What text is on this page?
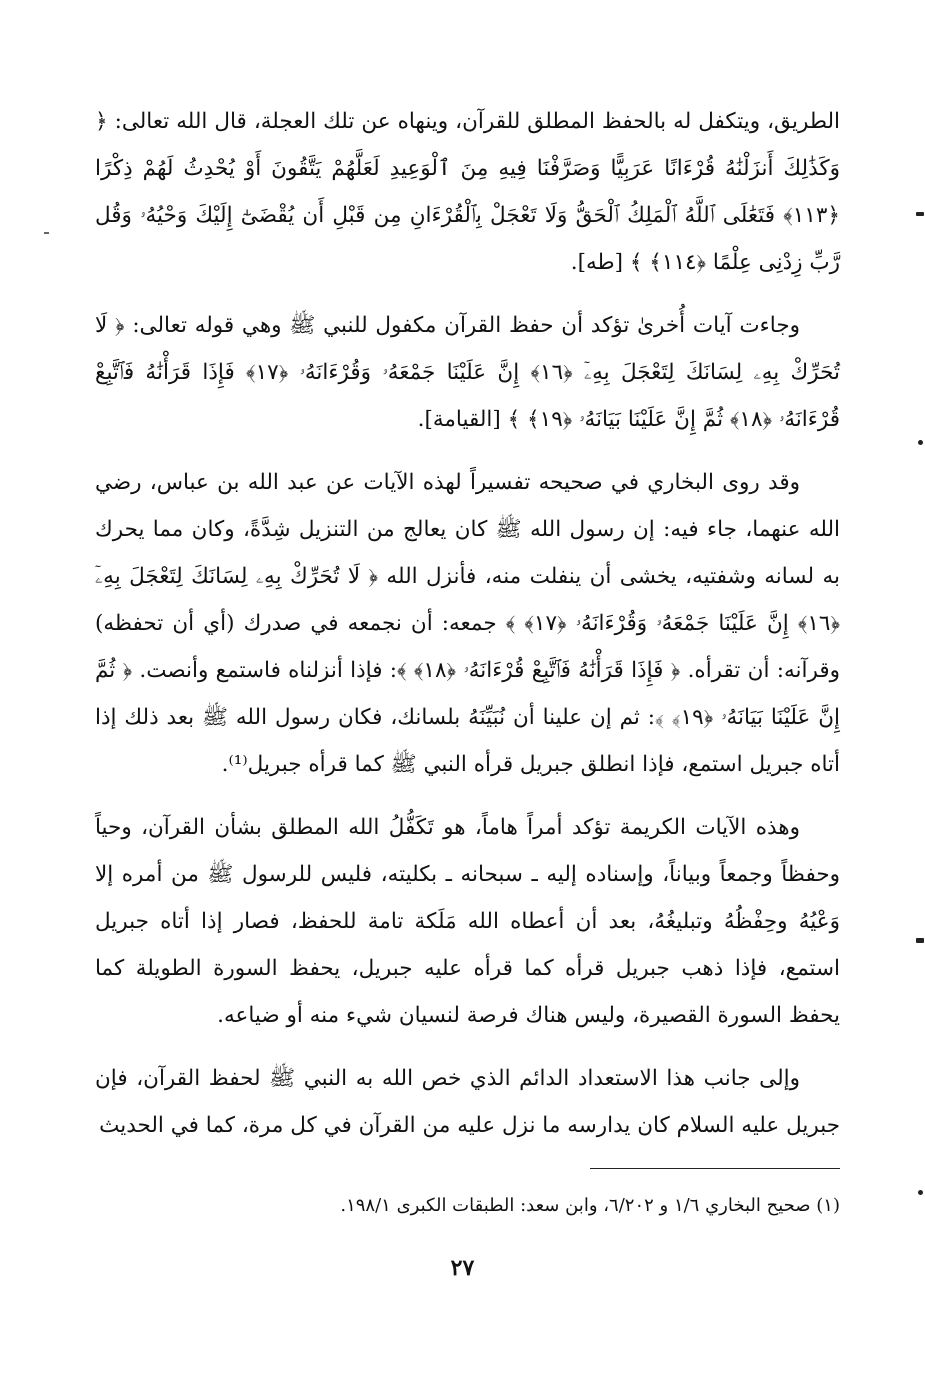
الطريق، ويتكفل له بالحفظ المطلق للقرآن، وينهاه عن تلك العجلة، قال الله تعالى: ﴿ وَكَذَٰلِكَ أَنزَلْنَٰهُ قُرْءَانًا عَرَبِيًّا وَصَرَّفْنَا فِيهِ مِنَ ٱلْوَعِيدِ لَعَلَّهُمْ يَتَّقُونَ أَوْ يُحْدِثُ لَهُمْ ذِكْرًا ﴿١١٣﴾ فَتَعَٰلَى ٱللَّهُ ٱلْمَلِكُ ٱلْحَقُّ وَلَا تَعْجَلْ بِٱلْقُرْءَانِ مِن قَبْلِ أَن يُقْضَىٰٓ إِلَيْكَ وَحْيُهُۥ وَقُل رَّبِّ زِدْنِى عِلْمًا ﴿١١٤﴾ ﴾ [طه].

وجاءت آيات أُخرىٰ تؤكد أن حفظ القرآن مكفول للنبي ﷺ وهي قوله تعالى: ﴿ لَا تُحَرِّكْ بِهِۦ لِسَانَكَ لِتَعْجَلَ بِهِۦٓ ﴿١٦﴾ إِنَّ عَلَيْنَا جَمْعَهُۥ وَقُرْءَانَهُۥ ﴿١٧﴾ فَإِذَا قَرَأْنَٰهُ فَٱتَّبِعْ قُرْءَانَهُۥ ﴿١٨﴾ ثُمَّ إِنَّ عَلَيْنَا بَيَانَهُۥ ﴿١٩﴾ ﴾ [القيامة].

وقد روى البخاري في صحيحه تفسيراً لهذه الآيات عن عبد الله بن عباس، رضي الله عنهما، جاء فيه: إن رسول الله ﷺ كان يعالج من التنزيل شِدَّةً، وكان مما يحرك به لسانه وشفتيه، يخشى أن ينفلت منه، فأنزل الله ﴿ لَا تُحَرِّكْ بِهِۦ لِسَانَكَ لِتَعْجَلَ بِهِۦٓ ﴿١٦﴾ إِنَّ عَلَيْنَا جَمْعَهُۥ وَقُرْءَانَهُۥ ﴿١٧﴾ ﴾ جمعه: أن نجمعه في صدرك (أي أن تحفظه) وقرآنه: أن تقرأه. ﴿ فَإِذَا قَرَأْنَٰهُ فَٱتَّبِعْ قُرْءَانَهُۥ ﴿١٨﴾ ﴾: فإذا أنزلناه فاستمع وأنصت. ﴿ ثُمَّ إِنَّ عَلَيْنَا بَيَانَهُۥ ﴿١٩﴾ ﴾: ثم إن علينا أن نُبَيِّنَهُ بلسانك، فكان رسول الله ﷺ بعد ذلك إذا أتاه جبريل استمع، فإذا انطلق جبريل قرأه النبي ﷺ كما قرأه جبريل⁽¹⁾.

وهذه الآيات الكريمة تؤكد أمراً هاماً، هو تَكَفُّلُ الله المطلق بشأن القرآن، وحياً وحفظاً وجمعاً وبياناً، وإسناده إليه ـ سبحانه ـ بكليته، فليس للرسول ﷺ من أمره إلا وَعْيُهُ وحِفْظُهُ وتبليغُهُ، بعد أن أعطاه الله مَلَكة تامة للحفظ، فصار إذا أتاه جبريل استمع، فإذا ذهب جبريل قرأه كما قرأه عليه جبريل، يحفظ السورة الطويلة كما يحفظ السورة القصيرة، وليس هناك فرصة لنسيان شيء منه أو ضياعه.

وإلى جانب هذا الاستعداد الدائم الذي خص الله به النبي ﷺ لحفظ القرآن، فإن جبريل عليه السلام كان يدارسه ما نزل عليه من القرآن في كل مرة، كما في الحديث

(١) صحيح البخاري ١/٦ و ٦/٢٠٢، وابن سعد: الطبقات الكبرى ١٩٨/١.
٢٧
